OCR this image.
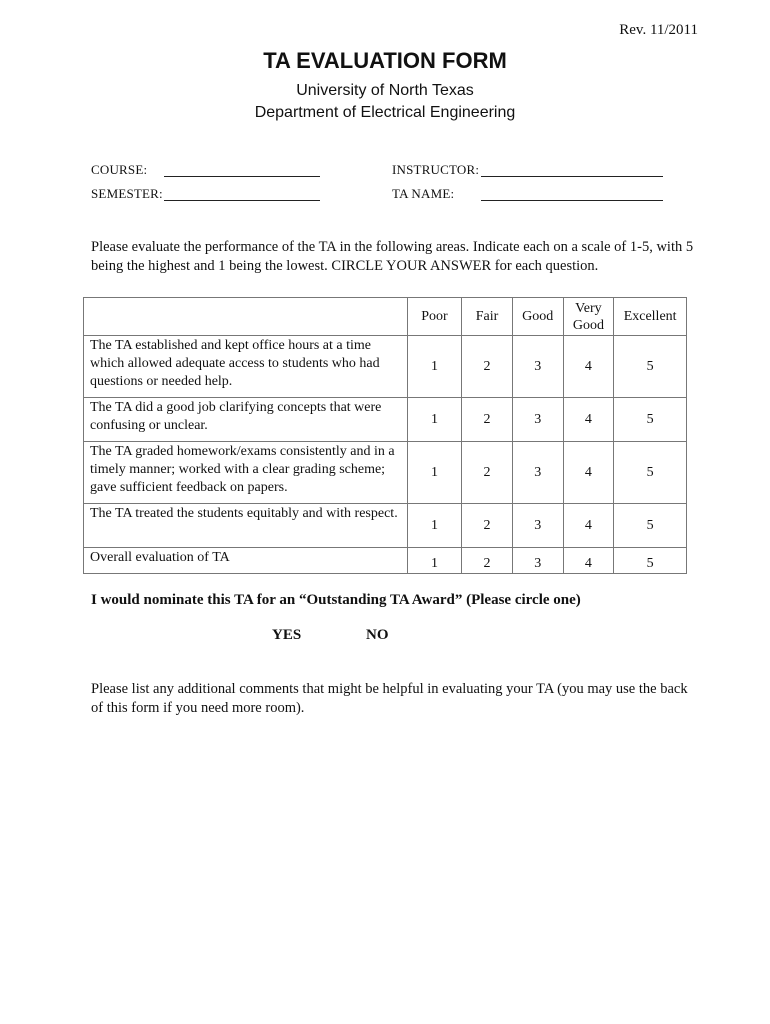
Rev. 11/2011
TA EVALUATION FORM
University of North Texas
Department of Electrical Engineering
COURSE:
SEMESTER:
INSTRUCTOR:
TA NAME:
Please evaluate the performance of the TA in the following areas. Indicate each on a scale of 1-5, with 5 being the highest and 1 being the lowest. CIRCLE YOUR ANSWER for each question.
	Poor	Fair	Good	Very Good	Excellent
The TA established and kept office hours at a time which allowed adequate access to students who had questions or needed help.	1	2	3	4	5
The TA did a good job clarifying concepts that were confusing or unclear.	1	2	3	4	5
The TA graded homework/exams consistently and in a timely manner; worked with a clear grading scheme; gave sufficient feedback on papers.	1	2	3	4	5
The TA treated the students equitably and with respect.	1	2	3	4	5
Overall evaluation of TA	1	2	3	4	5
I would nominate this TA for an “Outstanding TA Award” (Please circle one)
YES	NO
Please list any additional comments that might be helpful in evaluating your TA (you may use the back of this form if you need more room).
